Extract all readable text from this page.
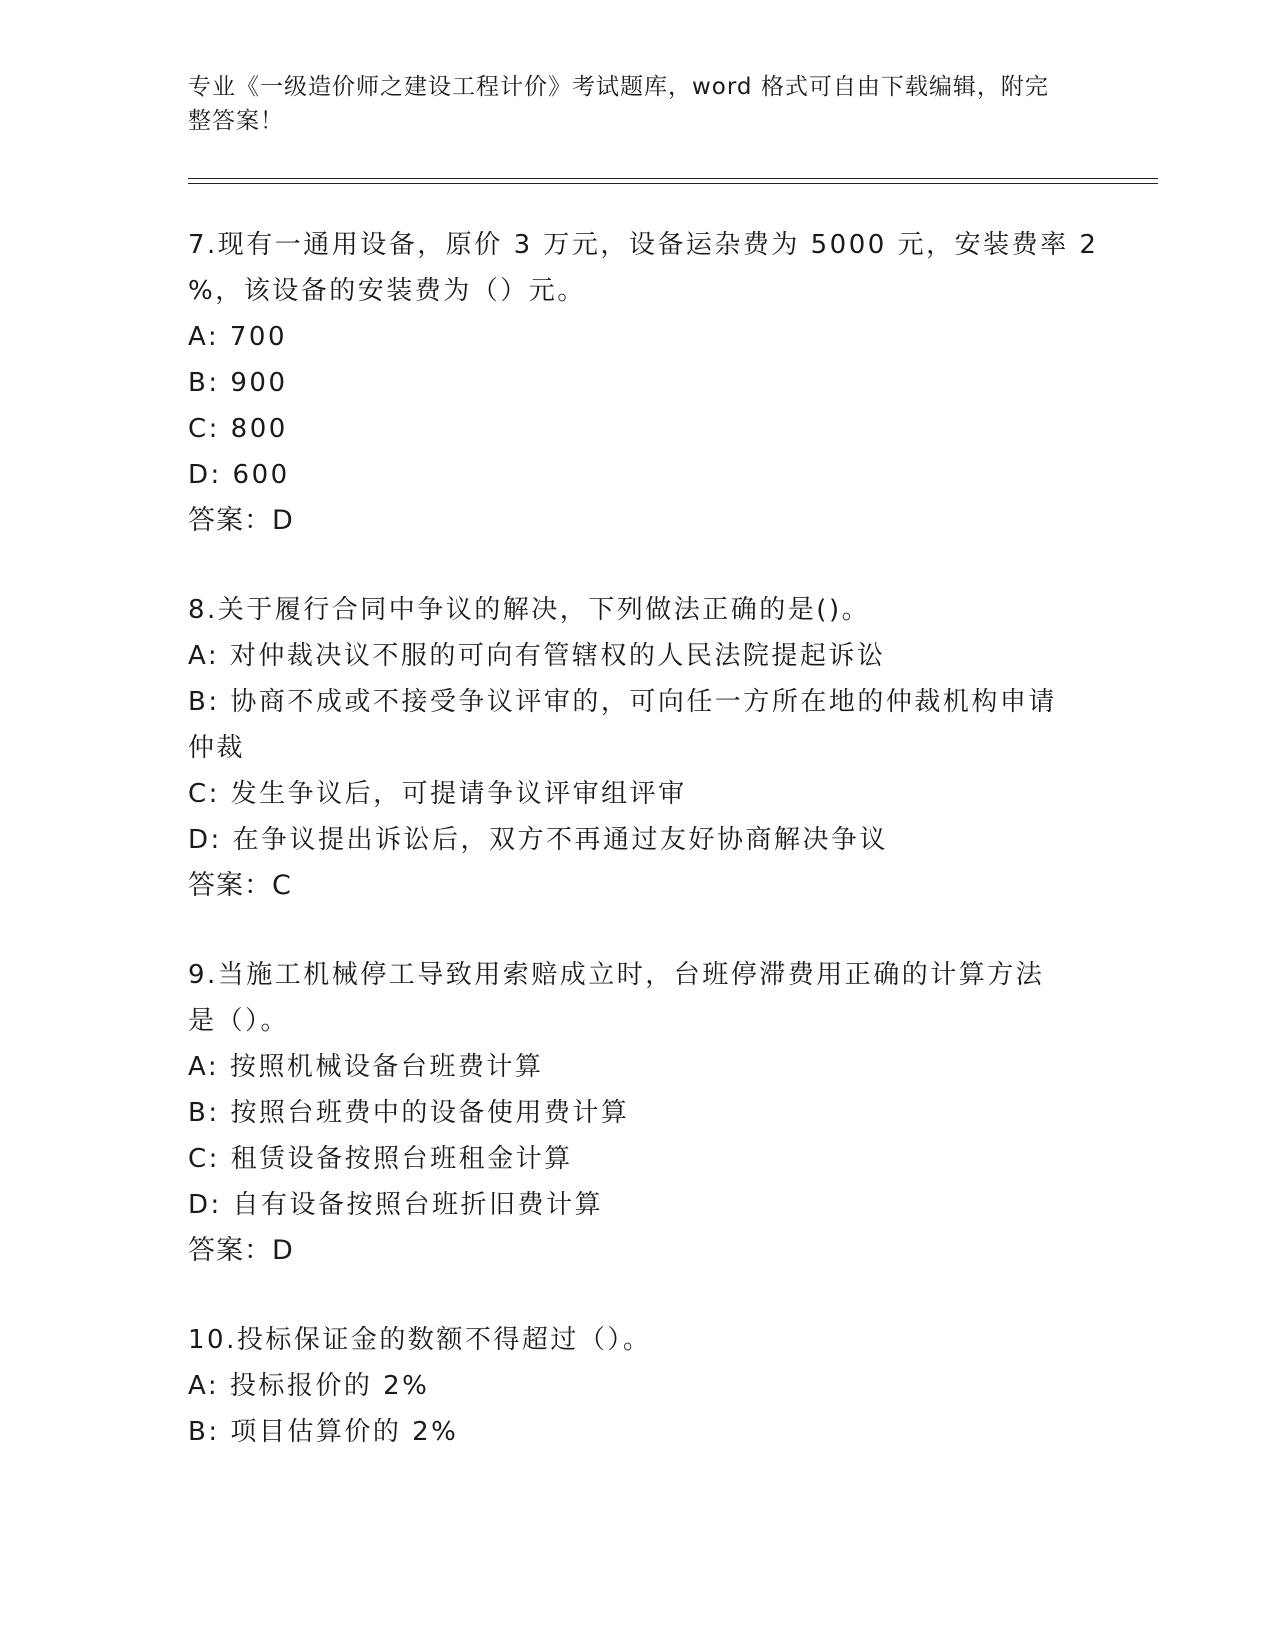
专业《一级造价师之建设工程计价》考试题库，word 格式可自由下载编辑，附完
整答案！
7.现有一通用设备，原价 3 万元，设备运杂费为 5000 元，安装费率 2
%，该设备的安装费为（）元。
A: 700
B: 900
C: 800
D: 600
答案：D
8.关于履行合同中争议的解决，下列做法正确的是()。
A: 对仲裁决议不服的可向有管辖权的人民法院提起诉讼
B: 协商不成或不接受争议评审的，可向任一方所在地的仲裁机构申请
仲裁
C: 发生争议后，可提请争议评审组评审
D: 在争议提出诉讼后，双方不再通过友好协商解决争议
答案：C
9.当施工机械停工导致用索赔成立时，台班停滞费用正确的计算方法
是（）。
A: 按照机械设备台班费计算
B: 按照台班费中的设备使用费计算
C: 租赁设备按照台班租金计算
D: 自有设备按照台班折旧费计算
答案：D
10.投标保证金的数额不得超过（）。
A: 投标报价的 2%
B: 项目估算价的 2%
